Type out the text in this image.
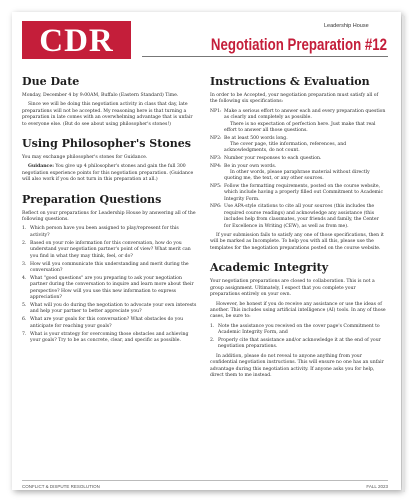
CDR	Leadership House
Negotiation Preparation #12
Due Date

Monday, December 4 by 9:00AM, Buffalo (Eastern Standard) Time.

Since we will be doing this negotiation activity in class that day, late preparations will not be accepted. My reasoning here is that turning a preparation in late comes with an overwhelming advantage that is unfair to everyone else. (But do see about using philosopher's stones!)

Using Philosopher's Stones

You may exchange philosopher's stones for Guidance.

Guidance: You give up 4 philosopher's stones and gain the full 300 negotiation experience points for this negotiation preparation. (Guidance will also work if you do not turn in this preparation at all.)

Preparation Questions

Reflect on your preparations for Leadership House by answering all of the following questions.

1. Which person have you been assigned to play/represent for this activity?
2. Based on your role information for this conversation, how do you understand your negotiation partner's point of view? What merit can you find in what they may think, feel, or do?
3. How will you communicate this understanding and merit during the conversation?
4. What "good questions" are you preparing to ask your negotiation partner during the conversation to inquire and learn more about their perspective? How will you use this new information to express appreciation?
5. What will you do during the negotiation to advocate your own interests and help your partner to better appreciate you?
6. What are your goals for this conversation? What obstacles do you anticipate for reaching your goals?
7. What is your strategy for overcoming those obstacles and achieving your goals? Try to be as concrete, clear, and specific as possible.
Instructions & Evaluation

In order to be Accepted, your negotiation preparation must satisfy all of the following six specifications:

NP1: Make a serious effort to answer each and every preparation question as clearly and completely as possible.
There is no expectation of perfection here. Just make that real effort to answer all those questions.
NP2: Be at least 500 words long.
The cover page, title information, references, and acknowledgments, do not count.
NP3: Number your responses to each question.
NP4: Be in your own words.
In other words, please paraphrase material without directly quoting me, the text, or any other sources.
NP5: Follow the formatting requirements, posted on the course website, which include having a properly filled out Commitment to Academic Integrity Form.
NP6: Use APA-style citations to cite all your sources (this includes the required course readings) and acknowledge any assistance (this includes help from classmates, your friends and family, the Center for Excellence in Writing (CEW), as well as from me).

If your submission fails to satisfy any one of those specifications, then it will be marked as Incomplete. To help you with all this, please use the templates for the negotiation preparations posted on the course website.

Academic Integrity

Your negotiation preparations are closed to collaboration. This is not a group assignment. Ultimately, I expect that you complete your preparations entirely on your own.

However, be honest if you do receive any assistance or use the ideas of another. This includes using artificial intelligence (AI) tools. In any of those cases, be sure to:

1. Note the assistance you received on the cover page's Commitment to Academic Integrity Form, and
2. Properly cite that assistance and/or acknowledge it at the end of your negotiation preparations.

In addition, please do not reveal to anyone anything from your confidential negotiation instructions. This will ensure no one has an unfair advantage during this negotiation activity. If anyone asks you for help, direct them to me instead.

CONFLICT & DISPUTE RESOLUTION	FALL 2023
